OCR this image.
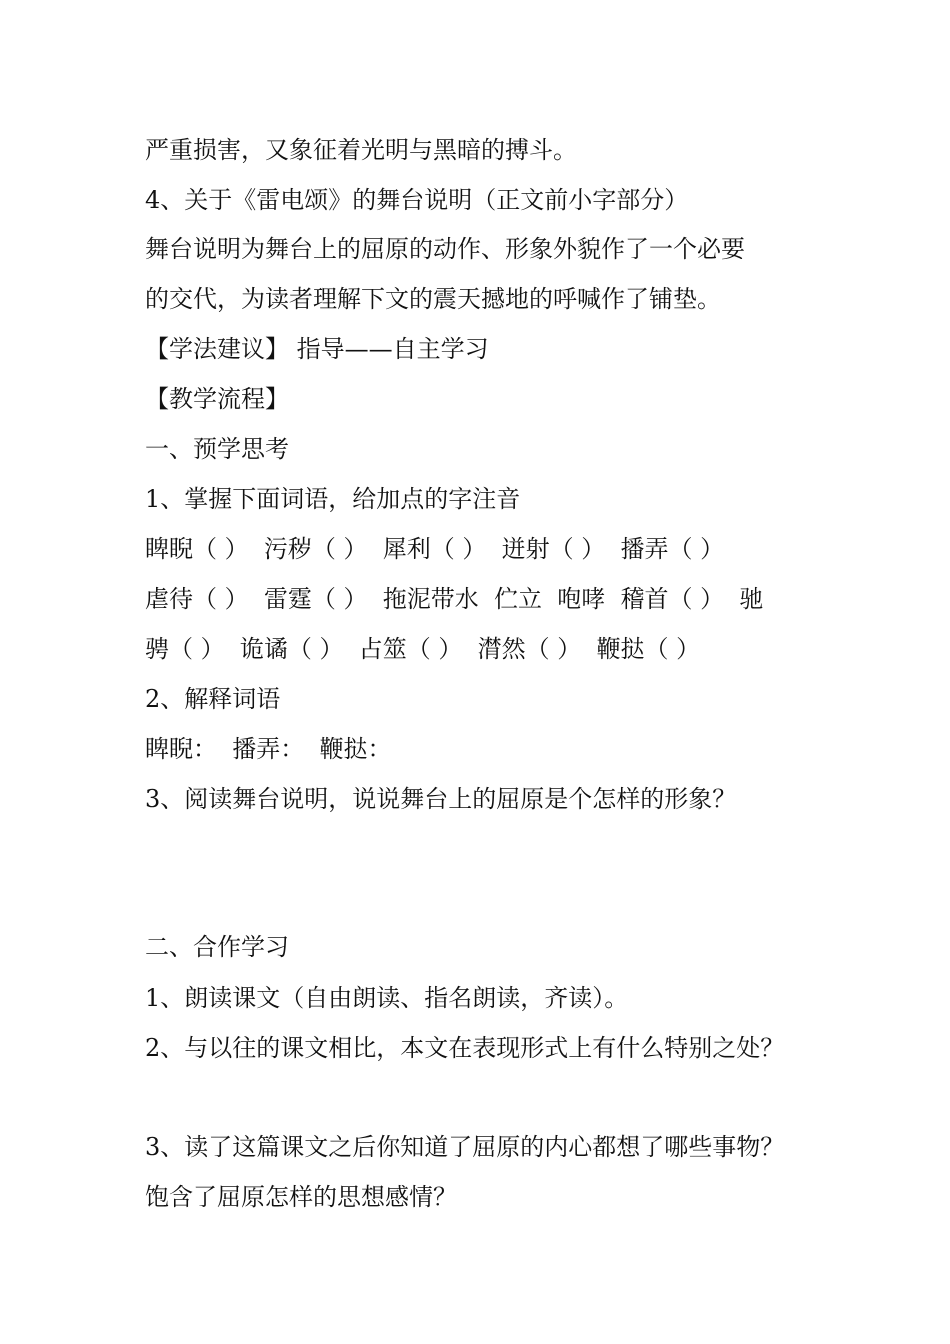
严重损害，又象征着光明与黑暗的搏斗。
4、关于《雷电颂》的舞台说明（正文前小字部分）
舞台说明为舞台上的屈原的动作、形象外貌作了一个必要
的交代，为读者理解下文的震天撼地的呼喊作了铺垫。
【学法建议】 指导——自主学习
【教学流程】
一、预学思考
1、掌握下面词语，给加点的字注音
睥睨（ ）  污秽（ ）  犀利（ ）  迸射（ ）  播弄（ ）
虐待（ ）  雷霆（ ）  拖泥带水  伫立  咆哮  稽首（ ）  驰
骋（ ）  诡谲（ ）  占筮（ ）  潸然（ ）  鞭挞（ ）
2、解释词语
睥睨：  播弄：  鞭挞：
3、阅读舞台说明，说说舞台上的屈原是个怎样的形象？
二、合作学习
1、朗读课文（自由朗读、指名朗读，齐读）。
2、与以往的课文相比，本文在表现形式上有什么特别之处？
3、读了这篇课文之后你知道了屈原的内心都想了哪些事物？
饱含了屈原怎样的思想感情？
